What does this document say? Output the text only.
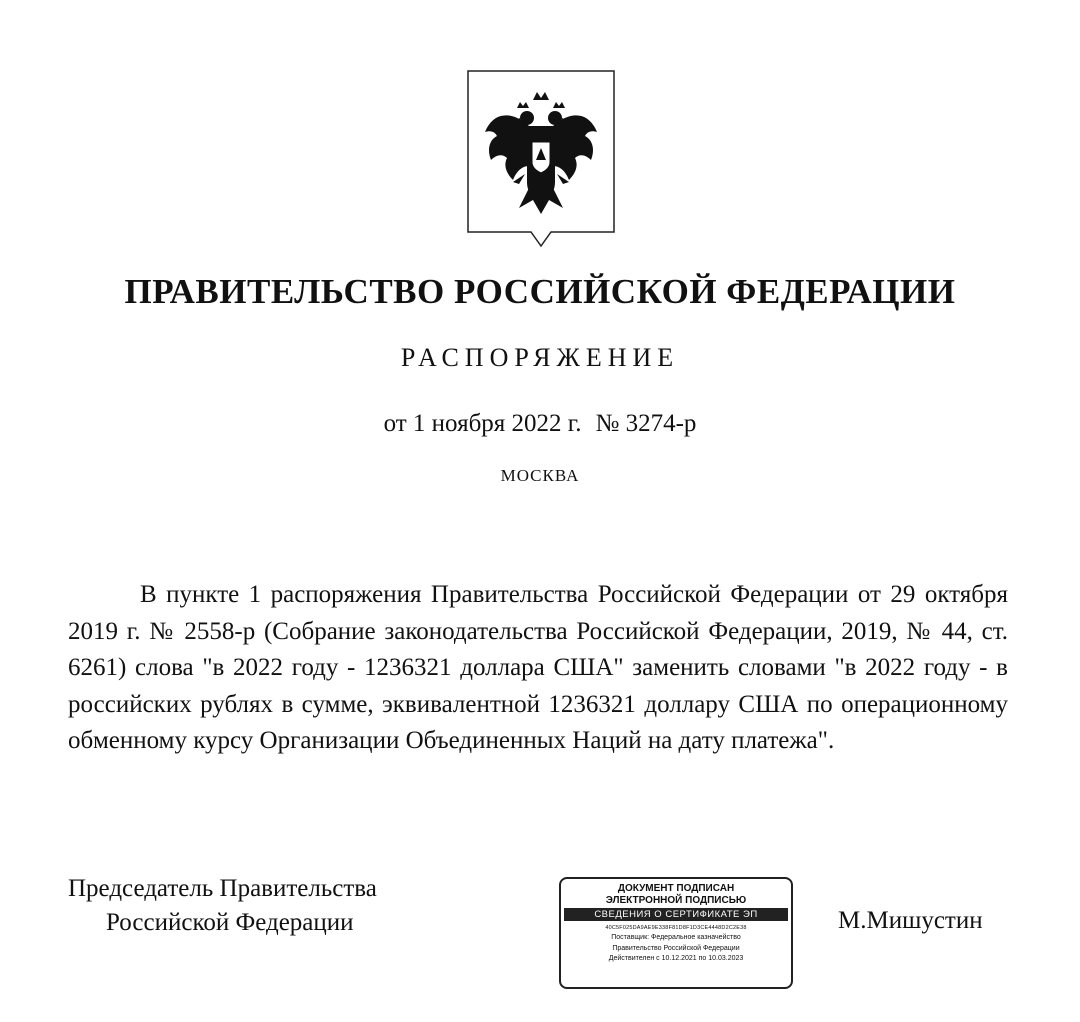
ПРАВИТЕЛЬСТВО РОССИЙСКОЙ ФЕДЕРАЦИИ
РАСПОРЯЖЕНИЕ
от 1 ноября 2022 г. № 3274-р
МОСКВА

В пункте 1 распоряжения Правительства Российской Федерации от 29 октября 2019 г. № 2558-р (Собрание законодательства Российской Федерации, 2019, № 44, ст. 6261) слова "в 2022 году - 1236321 доллара США" заменить словами "в 2022 году - в российских рублях в сумме, эквивалентной 1236321 доллару США по операционному обменному курсу Организации Объединенных Наций на дату платежа".

Председатель Правительства
Российской Федерации
ДОКУМЕНТ ПОДПИСАН
ЭЛЕКТРОННОЙ ПОДПИСЬЮ
СВЕДЕНИЯ О СЕРТИФИКАТЕ ЭП
40C5F025DA9AE9E338F81D8F1D3CE4448D2C2E38
Поставщик: Федеральное казначейство
Правительство Российской Федерации
Действителен с 10.12.2021 по 10.03.2023
М.Мишустин
